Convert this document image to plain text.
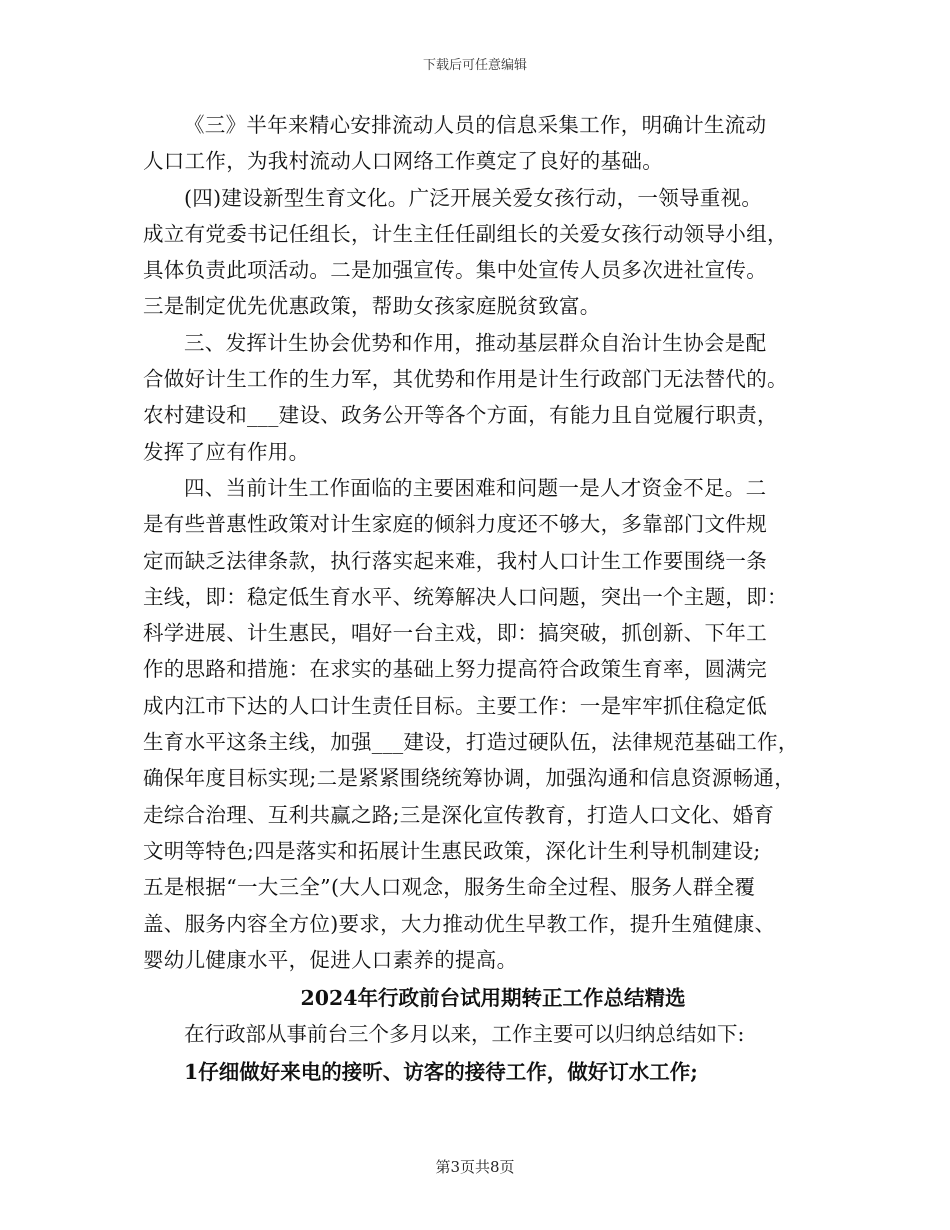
下载后可任意编辑

《三》半年来精心安排流动人员的信息采集工作，明确计生流动
人口工作，为我村流动人口网络工作奠定了良好的基础。

(四)建设新型生育文化。广泛开展关爱女孩行动，一领导重视。
成立有党委书记任组长，计生主任任副组长的关爱女孩行动领导小组，
具体负责此项活动。二是加强宣传。集中处宣传人员多次进社宣传。
三是制定优先优惠政策，帮助女孩家庭脱贫致富。

三、发挥计生协会优势和作用，推动基层群众自治计生协会是配
合做好计生工作的生力军，其优势和作用是计生行政部门无法替代的。
农村建设和___建设、政务公开等各个方面，有能力且自觉履行职责，
发挥了应有作用。

四、当前计生工作面临的主要困难和问题一是人才资金不足。二
是有些普惠性政策对计生家庭的倾斜力度还不够大，多靠部门文件规
定而缺乏法律条款，执行落实起来难，我村人口计生工作要围绕一条
主线，即：稳定低生育水平、统筹解决人口问题，突出一个主题，即：
科学进展、计生惠民，唱好一台主戏，即：搞突破，抓创新、下年工
作的思路和措施：在求实的基础上努力提高符合政策生育率，圆满完
成内江市下达的人口计生责任目标。主要工作：一是牢牢抓住稳定低
生育水平这条主线，加强___建设，打造过硬队伍，法律规范基础工作，
确保年度目标实现;二是紧紧围绕统筹协调，加强沟通和信息资源畅通，
走综合治理、互利共赢之路;三是深化宣传教育，打造人口文化、婚育
文明等特色;四是落实和拓展计生惠民政策，深化计生利导机制建设;
五是根据“一大三全”(大人口观念，服务生命全过程、服务人群全覆
盖、服务内容全方位)要求，大力推动优生早教工作，提升生殖健康、
婴幼儿健康水平，促进人口素养的提高。

2024年行政前台试用期转正工作总结精选

在行政部从事前台三个多月以来，工作主要可以归纳总结如下:

1仔细做好来电的接听、访客的接待工作，做好订水工作;

第3页共8页
